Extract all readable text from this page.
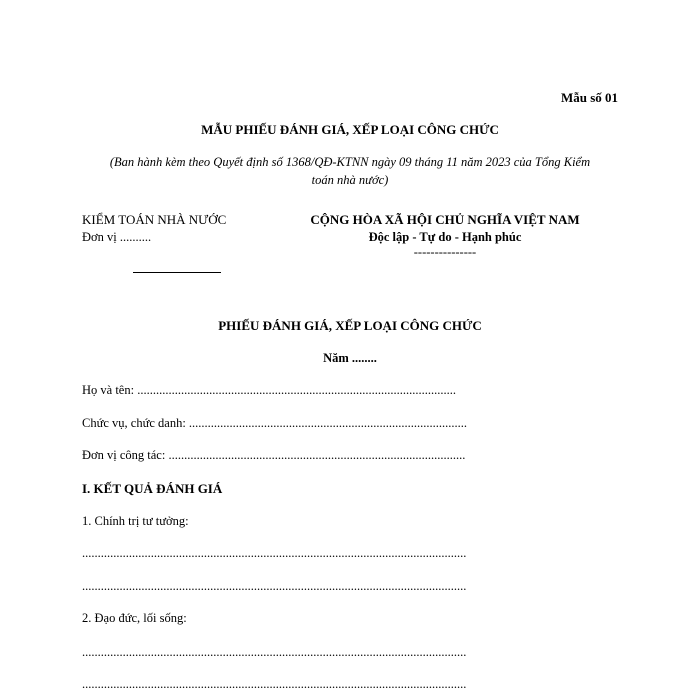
Mẫu số 01
MẪU PHIẾU ĐÁNH GIÁ, XẾP LOẠI CÔNG CHỨC
(Ban hành kèm theo Quyết định số 1368/QĐ-KTNN ngày 09 tháng 11 năm 2023 của Tổng Kiểm
toán nhà nước)
KIỂM TOÁN NHÀ NƯỚC
Đơn vị ..........
CỘNG HÒA XÃ HỘI CHỦ NGHĨA VIỆT NAM
Độc lập - Tự do - Hạnh phúc
---------------
PHIẾU ĐÁNH GIÁ, XẾP LOẠI CÔNG CHỨC
Năm ........
Họ và tên: ......................................................................................................
Chức vụ, chức danh: .........................................................................................
Đơn vị công tác: ...............................................................................................
I. KẾT QUẢ ĐÁNH GIÁ
1. Chính trị tư tưởng:
...........................................................................................................................
...........................................................................................................................
2. Đạo đức, lối sống:
...........................................................................................................................
...........................................................................................................................
